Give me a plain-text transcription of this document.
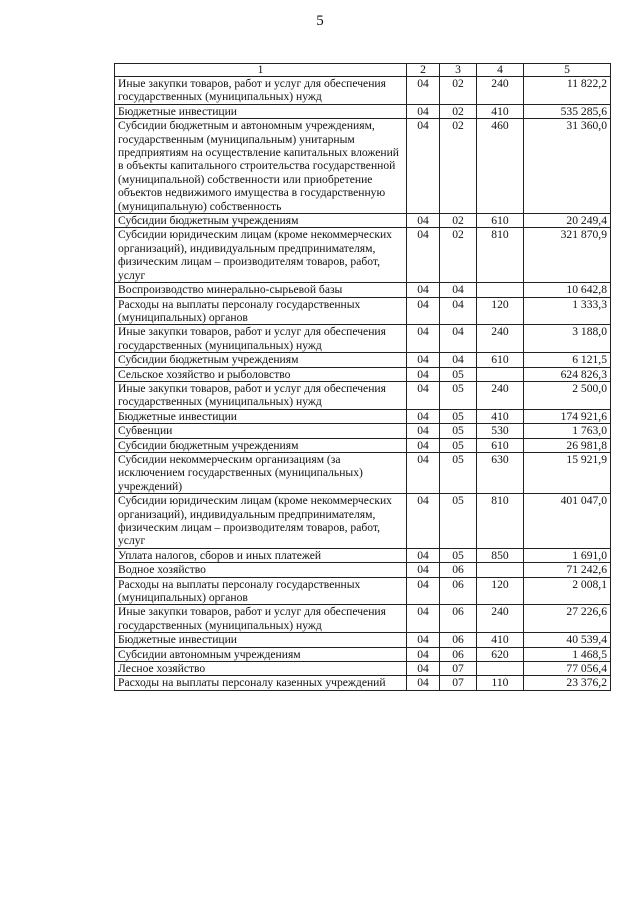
5
1	2	3	4	5
Иные закупки товаров, работ и услуг для обеспечения государственных (муниципальных) нужд	04	02	240	11 822,2
Бюджетные инвестиции	04	02	410	535 285,6
Субсидии бюджетным и автономным учреждениям, государственным (муниципальным) унитарным предприятиям на осуществление капитальных вложений в объекты капитального строительства государственной (муниципальной) собственности или приобретение объектов недвижимого имущества в государственную (муниципальную) собственность	04	02	460	31 360,0
Субсидии бюджетным учреждениям	04	02	610	20 249,4
Субсидии юридическим лицам (кроме некоммерческих организаций), индивидуальным предпринимателям, физическим лицам – производителям товаров, работ, услуг	04	02	810	321 870,9
Воспроизводство минерально-сырьевой базы	04	04		10 642,8
Расходы на выплаты персоналу государственных (муниципальных) органов	04	04	120	1 333,3
Иные закупки товаров, работ и услуг для обеспечения государственных (муниципальных) нужд	04	04	240	3 188,0
Субсидии бюджетным учреждениям	04	04	610	6 121,5
Сельское хозяйство и рыболовство	04	05		624 826,3
Иные закупки товаров, работ и услуг для обеспечения государственных (муниципальных) нужд	04	05	240	2 500,0
Бюджетные инвестиции	04	05	410	174 921,6
Субвенции	04	05	530	1 763,0
Субсидии бюджетным учреждениям	04	05	610	26 981,8
Субсидии некоммерческим организациям (за исключением государственных (муниципальных) учреждений)	04	05	630	15 921,9
Субсидии юридическим лицам (кроме некоммерческих организаций), индивидуальным предпринимателям, физическим лицам – производителям товаров, работ, услуг	04	05	810	401 047,0
Уплата налогов, сборов и иных платежей	04	05	850	1 691,0
Водное хозяйство	04	06		71 242,6
Расходы на выплаты персоналу государственных (муниципальных) органов	04	06	120	2 008,1
Иные закупки товаров, работ и услуг для обеспечения государственных (муниципальных) нужд	04	06	240	27 226,6
Бюджетные инвестиции	04	06	410	40 539,4
Субсидии автономным учреждениям	04	06	620	1 468,5
Лесное хозяйство	04	07		77 056,4
Расходы на выплаты персоналу казенных учреждений	04	07	110	23 376,2
